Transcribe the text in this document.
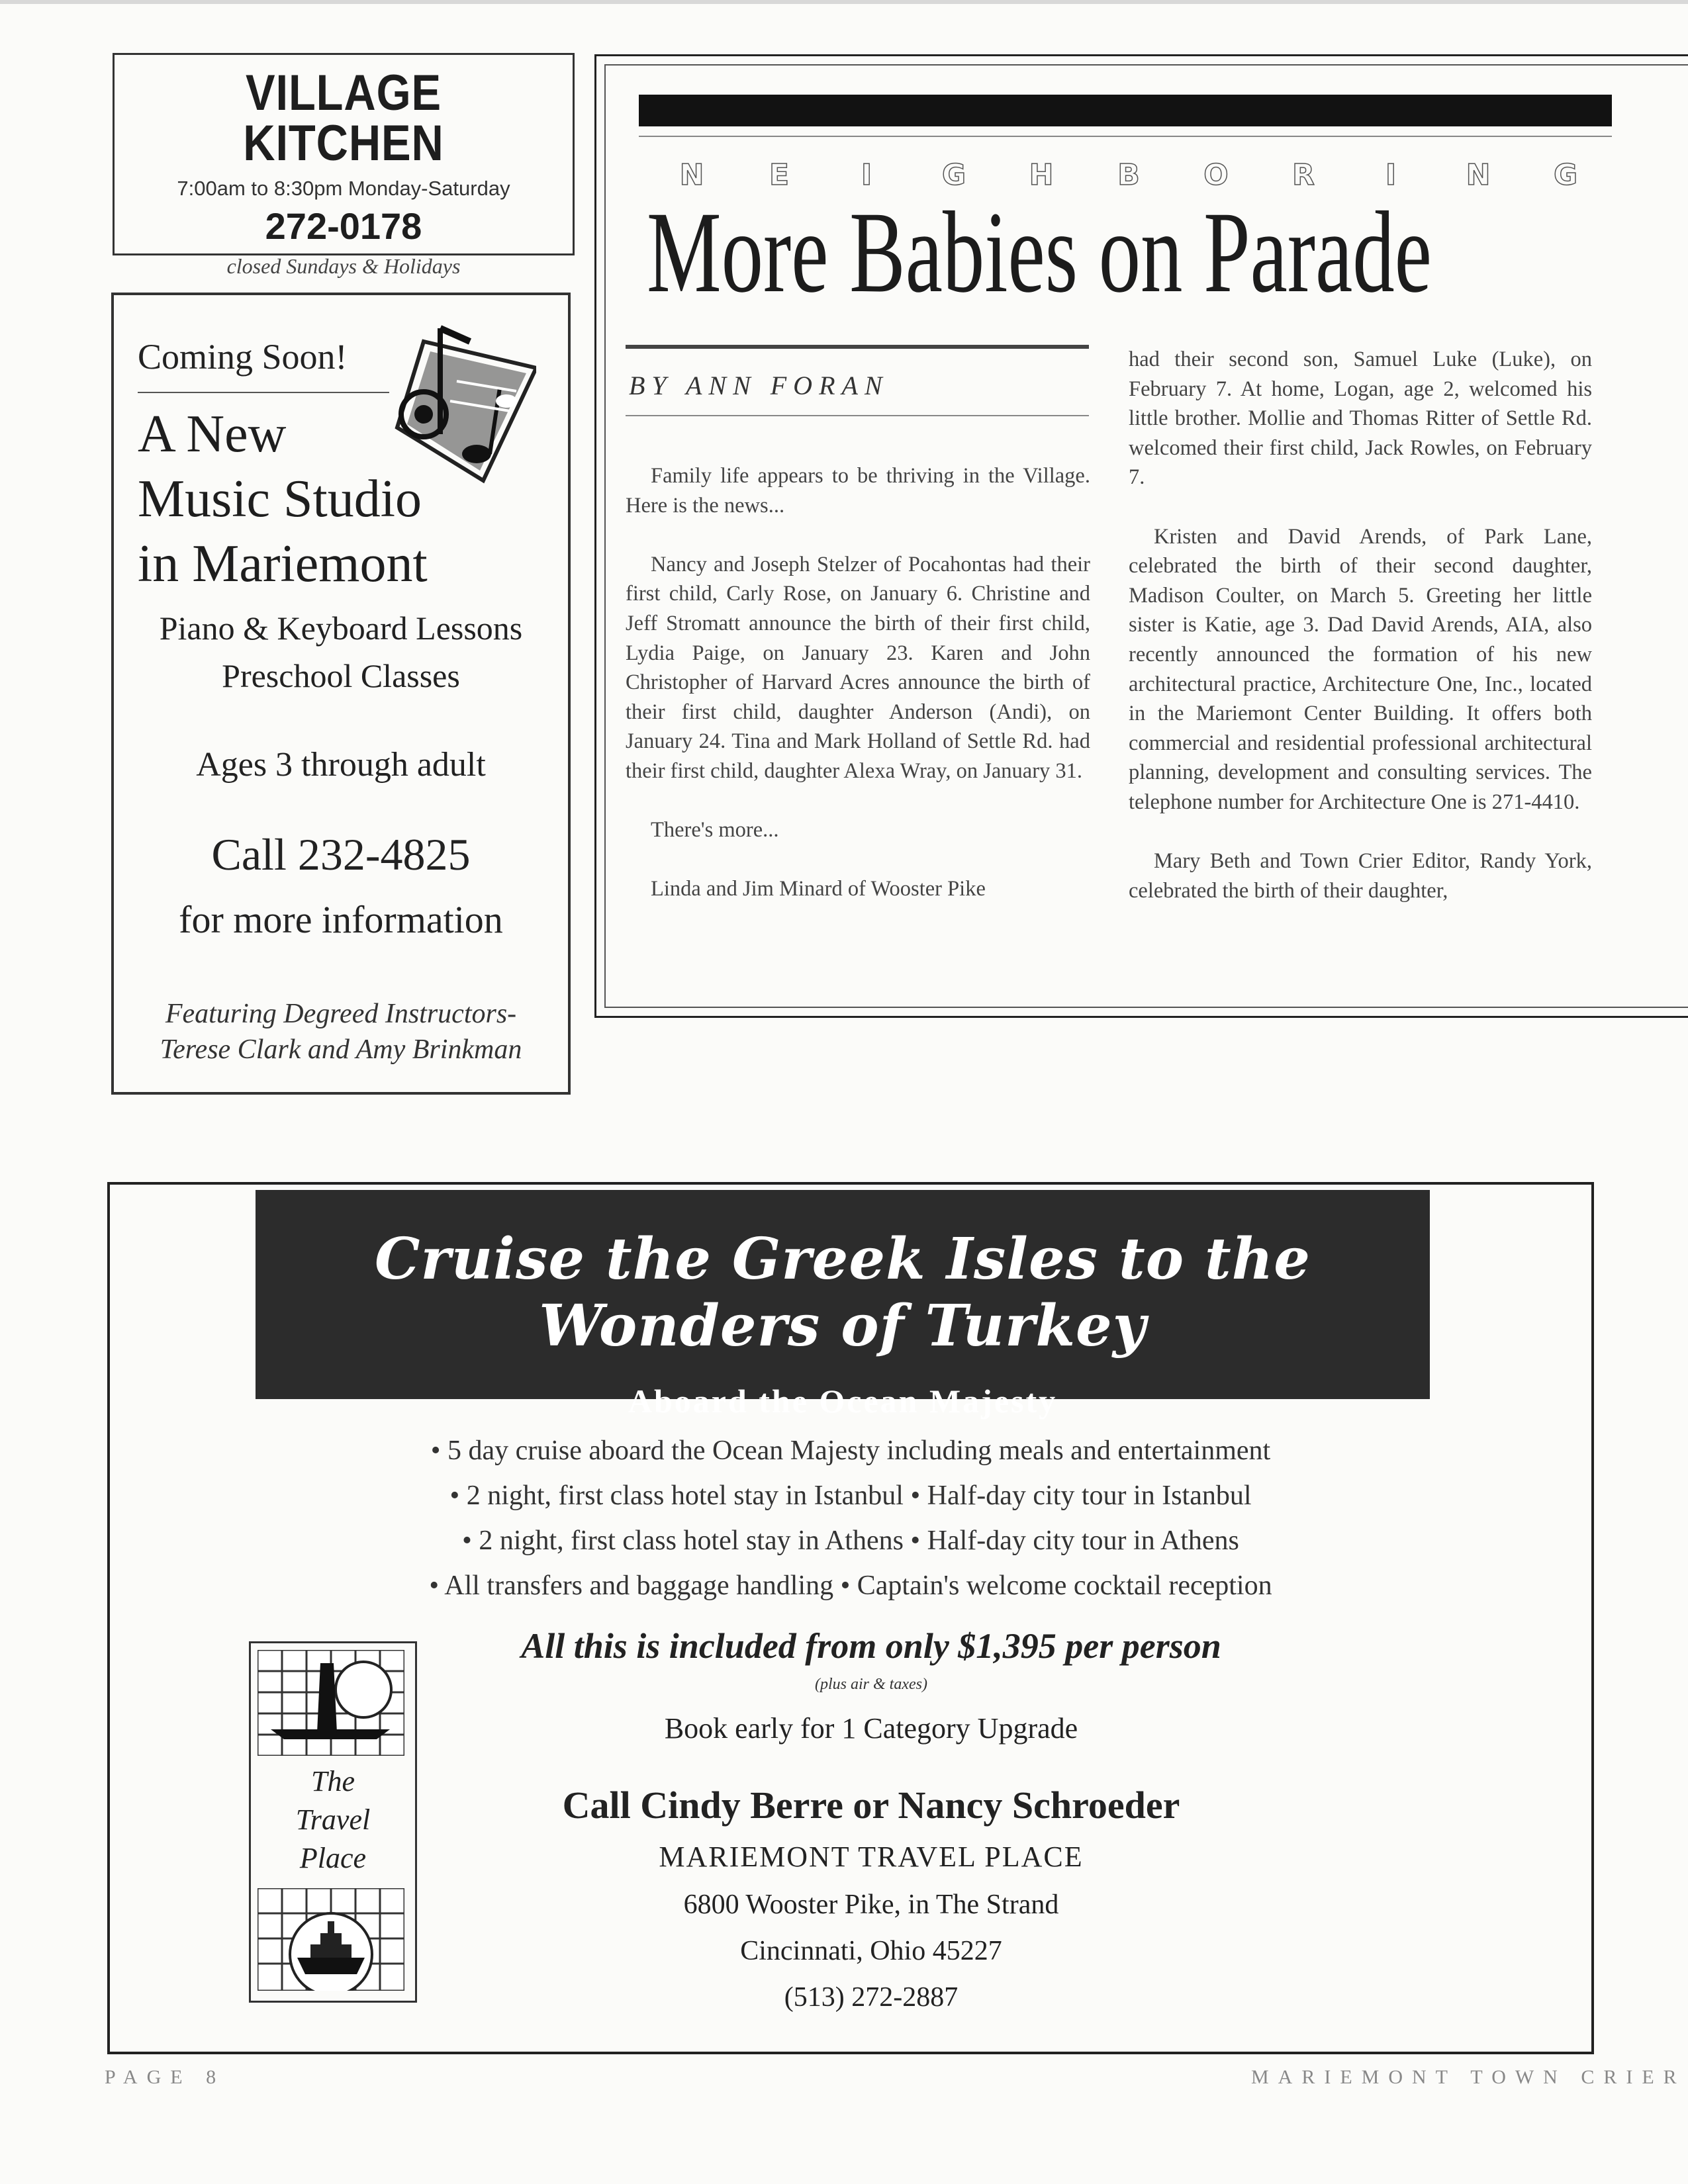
VILLAGE KITCHEN
7:00am to 8:30pm Monday-Saturday
272-0178
closed Sundays & Holidays
Coming Soon!
A New
Music Studio
in Mariemont
Piano & Keyboard Lessons
Preschool Classes
Ages 3 through adult
Call 232-4825
for more information
Featuring Degreed Instructors-
Terese Clark and Amy Brinkman
N	E	I	G H	B	O R	I	N G
More Babies on Parade
BY ANN FORAN

Family life appears to be thriving in the Village. Here is the news...

Nancy and Joseph Stelzer of Pocahontas had their first child, Carly Rose, on January 6. Christine and Jeff Stromatt announce the birth of their first child, Lydia Paige, on January 23. Karen and John Christopher of Harvard Acres announce the birth of their first child, daughter Anderson (Andi), on January 24. Tina and Mark Holland of Settle Rd. had their first child, daughter Alexa Wray, on January 31.

There's more...

Linda and Jim Minard of Wooster Pike

had their second son, Samuel Luke (Luke), on February 7. At home, Logan, age 2, welcomed his little brother. Mollie and Thomas Ritter of Settle Rd. welcomed their first child, Jack Rowles, on February 7.

Kristen and David Arends, of Park Lane, celebrated the birth of their second daughter, Madison Coulter, on March 5. Greeting her little sister is Katie, age 3. Dad David Arends, AIA, also recently announced the formation of his new architectural practice, Architecture One, Inc., located in the Mariemont Center Building. It offers both commercial and residential professional architectural planning, development and consulting services. The telephone number for Architecture One is 271-4410.

Mary Beth and Town Crier Editor, Randy York, celebrated the birth of their daughter,

Cruise the Greek Isles to the Wonders of Turkey
Aboard the Ocean Majesty
• 5 day cruise aboard the Ocean Majesty including meals and entertainment
• 2 night, first class hotel stay in Istanbul • Half-day city tour in Istanbul
• 2 night, first class hotel stay in Athens • Half-day city tour in Athens
• All transfers and baggage handling • Captain's welcome cocktail reception
All this is included from only $1,395 per person
(plus air & taxes)
Book early for 1 Category Upgrade
Call Cindy Berre or Nancy Schroeder
MARIEMONT TRAVEL PLACE
6800 Wooster Pike, in The Strand
Cincinnati, Ohio 45227
(513) 272-2887
The
Travel
Place
PAGE 8	MARIEMONT TOWN CRIER
